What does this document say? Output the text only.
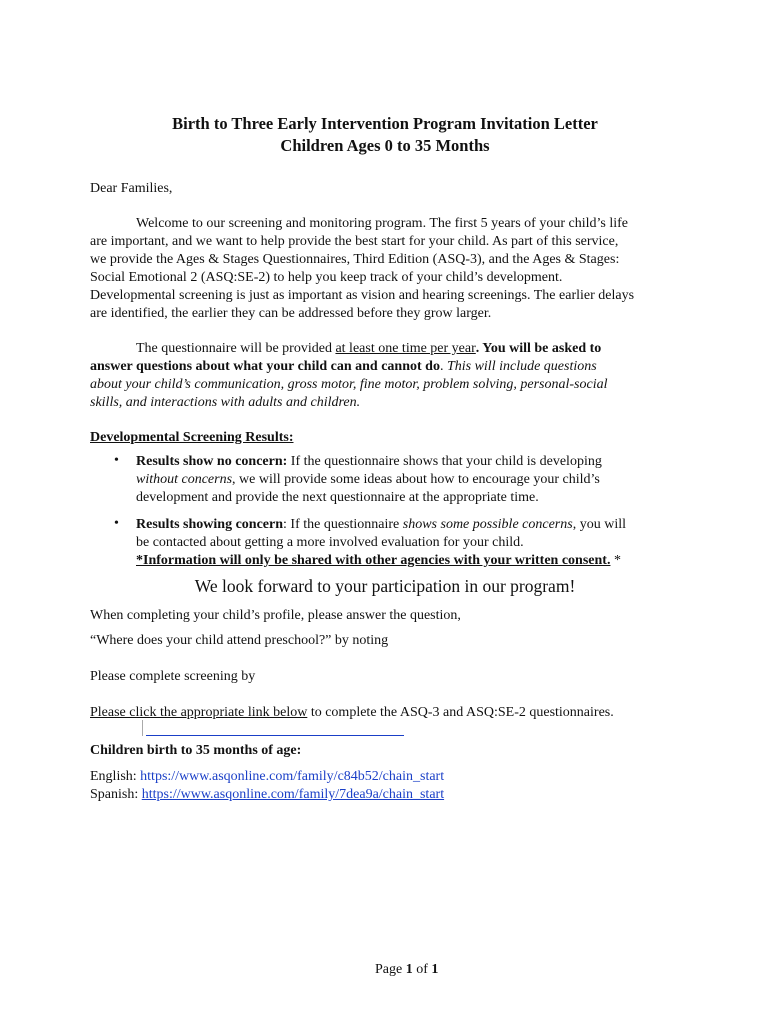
Birth to Three Early Intervention Program Invitation Letter
Children Ages 0 to 35 Months
Dear Families,
Welcome to our screening and monitoring program. The first 5 years of your child’s life
are important, and we want to help provide the best start for your child. As part of this service,
we provide the Ages & Stages Questionnaires, Third Edition (ASQ-3), and the Ages & Stages:
Social Emotional 2 (ASQ:SE-2) to help you keep track of your child’s development.
Developmental screening is just as important as vision and hearing screenings. The earlier delays
are identified, the earlier they can be addressed before they grow larger.
The questionnaire will be provided at least one time per year. You will be asked to
answer questions about what your child can and cannot do. This will include questions
about your child’s communication, gross motor, fine motor, problem solving, personal-social
skills, and interactions with adults and children.
Developmental Screening Results:
• Results show no concern: If the questionnaire shows that your child is developing
without concerns, we will provide some ideas about how to encourage your child’s
development and provide the next questionnaire at the appropriate time.
• Results showing concern: If the questionnaire shows some possible concerns, you will
be contacted about getting a more involved evaluation for your child.
*Information will only be shared with other agencies with your written consent. *
We look forward to your participation in our program!
When completing your child’s profile, please answer the question,
“Where does your child attend preschool?” by noting
Please complete screening by
Please click the appropriate link below to complete the ASQ-3 and ASQ:SE-2 questionnaires.
Children birth to 35 months of age:
English: https://www.asqonline.com/family/c84b52/chain_start
Spanish: https://www.asqonline.com/family/7dea9a/chain_start
Page 1 of 1
